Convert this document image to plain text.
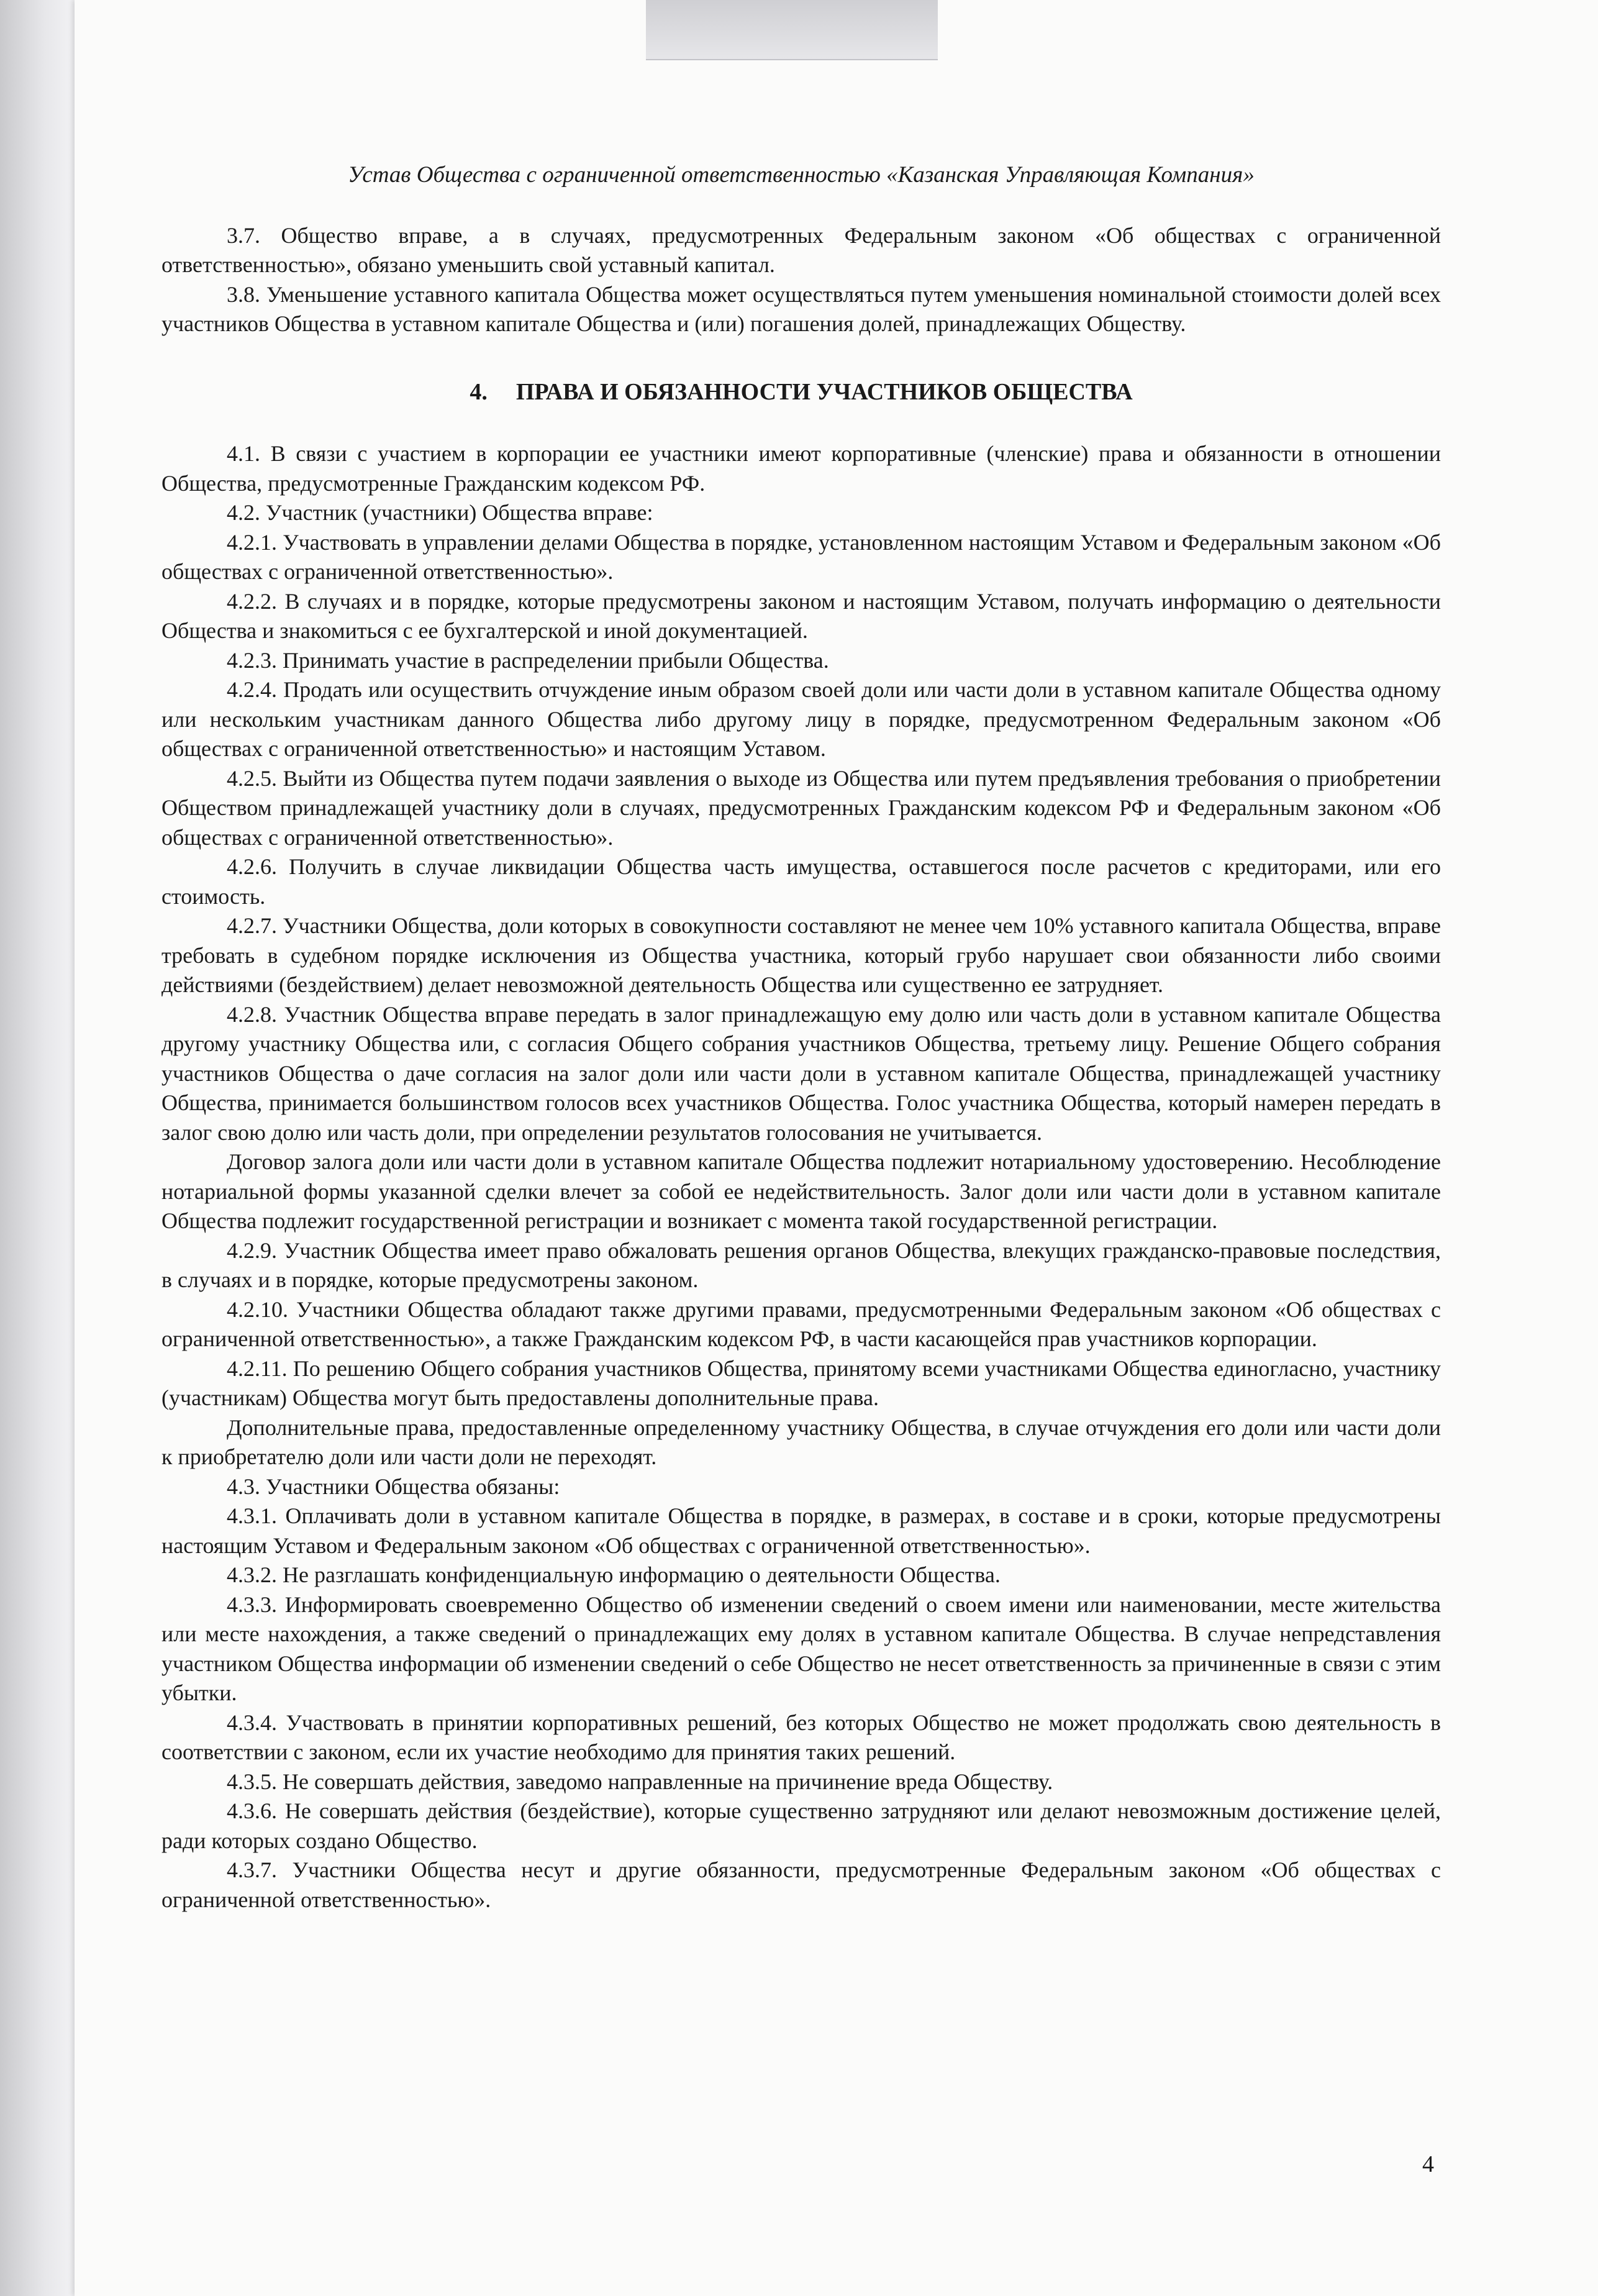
Устав Общества с ограниченной ответственностью «Казанская Управляющая Компания»

3.7. Общество вправе, а в случаях, предусмотренных Федеральным законом «Об обществах с ограниченной ответственностью», обязано уменьшить свой уставный капитал.

3.8. Уменьшение уставного капитала Общества может осуществляться путем уменьшения номинальной стоимости долей всех участников Общества в уставном капитале Общества и (или) погашения долей, принадлежащих Обществу.

4. ПРАВА И ОБЯЗАННОСТИ УЧАСТНИКОВ ОБЩЕСТВА

4.1. В связи с участием в корпорации ее участники имеют корпоративные (членские) права и обязанности в отношении Общества, предусмотренные Гражданским кодексом РФ.

4.2. Участник (участники) Общества вправе:

4.2.1. Участвовать в управлении делами Общества в порядке, установленном настоящим Уставом и Федеральным законом «Об обществах с ограниченной ответственностью».

4.2.2. В случаях и в порядке, которые предусмотрены законом и настоящим Уставом, получать информацию о деятельности Общества и знакомиться с ее бухгалтерской и иной документацией.

4.2.3. Принимать участие в распределении прибыли Общества.

4.2.4. Продать или осуществить отчуждение иным образом своей доли или части доли в уставном капитале Общества одному или нескольким участникам данного Общества либо другому лицу в порядке, предусмотренном Федеральным законом «Об обществах с ограниченной ответственностью» и настоящим Уставом.

4.2.5. Выйти из Общества путем подачи заявления о выходе из Общества или путем предъявления требования о приобретении Обществом принадлежащей участнику доли в случаях, предусмотренных Гражданским кодексом РФ и Федеральным законом «Об обществах с ограниченной ответственностью».

4.2.6. Получить в случае ликвидации Общества часть имущества, оставшегося после расчетов с кредиторами, или его стоимость.

4.2.7. Участники Общества, доли которых в совокупности составляют не менее чем 10% уставного капитала Общества, вправе требовать в судебном порядке исключения из Общества участника, который грубо нарушает свои обязанности либо своими действиями (бездействием) делает невозможной деятельность Общества или существенно ее затрудняет.

4.2.8. Участник Общества вправе передать в залог принадлежащую ему долю или часть доли в уставном капитале Общества другому участнику Общества или, с согласия Общего собрания участников Общества, третьему лицу. Решение Общего собрания участников Общества о даче согласия на залог доли или части доли в уставном капитале Общества, принадлежащей участнику Общества, принимается большинством голосов всех участников Общества. Голос участника Общества, который намерен передать в залог свою долю или часть доли, при определении результатов голосования не учитывается.

Договор залога доли или части доли в уставном капитале Общества подлежит нотариальному удостоверению. Несоблюдение нотариальной формы указанной сделки влечет за собой ее недействительность. Залог доли или части доли в уставном капитале Общества подлежит государственной регистрации и возникает с момента такой государственной регистрации.

4.2.9. Участник Общества имеет право обжаловать решения органов Общества, влекущих гражданско-правовые последствия, в случаях и в порядке, которые предусмотрены законом.

4.2.10. Участники Общества обладают также другими правами, предусмотренными Федеральным законом «Об обществах с ограниченной ответственностью», а также Гражданским кодексом РФ, в части касающейся прав участников корпорации.

4.2.11. По решению Общего собрания участников Общества, принятому всеми участниками Общества единогласно, участнику (участникам) Общества могут быть предоставлены дополнительные права.

Дополнительные права, предоставленные определенному участнику Общества, в случае отчуждения его доли или части доли к приобретателю доли или части доли не переходят.

4.3. Участники Общества обязаны:

4.3.1. Оплачивать доли в уставном капитале Общества в порядке, в размерах, в составе и в сроки, которые предусмотрены настоящим Уставом и Федеральным законом «Об обществах с ограниченной ответственностью».

4.3.2. Не разглашать конфиденциальную информацию о деятельности Общества.

4.3.3. Информировать своевременно Общество об изменении сведений о своем имени или наименовании, месте жительства или месте нахождения, а также сведений о принадлежащих ему долях в уставном капитале Общества. В случае непредставления участником Общества информации об изменении сведений о себе Общество не несет ответственность за причиненные в связи с этим убытки.

4.3.4. Участвовать в принятии корпоративных решений, без которых Общество не может продолжать свою деятельность в соответствии с законом, если их участие необходимо для принятия таких решений.

4.3.5. Не совершать действия, заведомо направленные на причинение вреда Обществу.

4.3.6. Не совершать действия (бездействие), которые существенно затрудняют или делают невозможным достижение целей, ради которых создано Общество.

4.3.7. Участники Общества несут и другие обязанности, предусмотренные Федеральным законом «Об обществах с ограниченной ответственностью».

4
